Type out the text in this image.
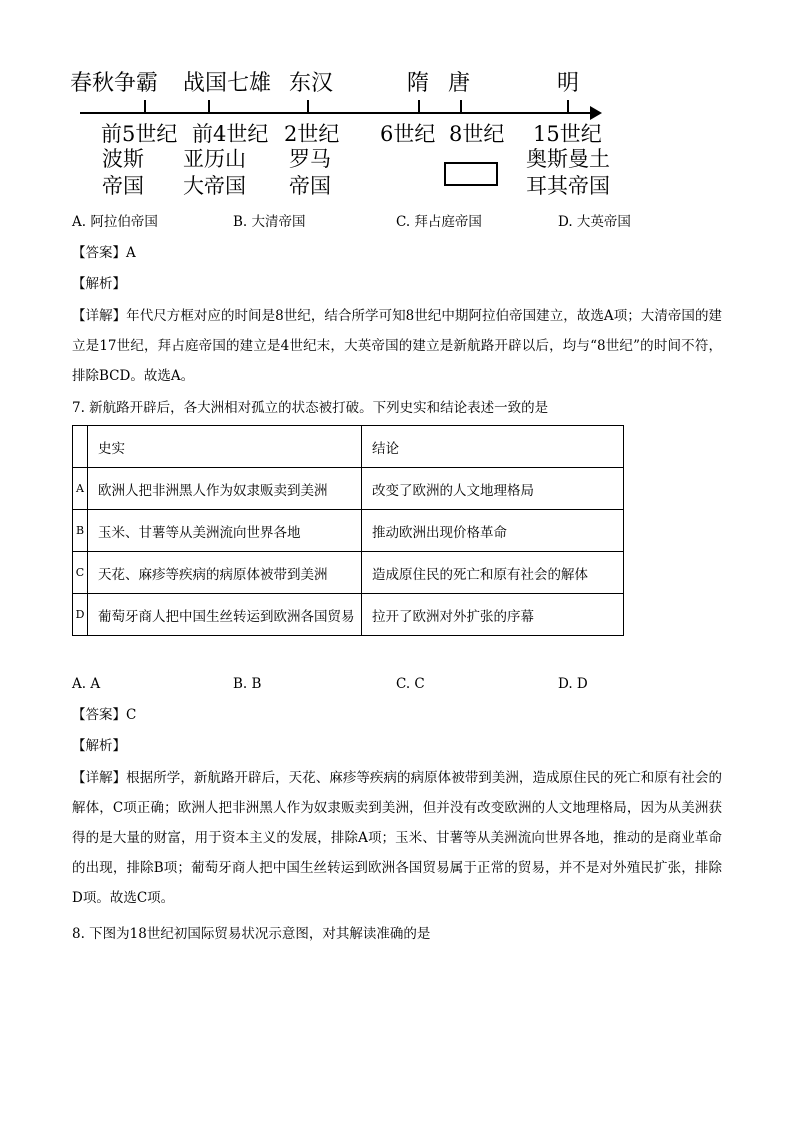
春秋争霸 战国七雄 东汉	隋 唐	明
前5世纪 前4世纪 2世纪 6世纪 8世纪 15世纪
波斯
帝国
亚历山
大帝国
罗马
帝国
奥斯曼土
耳其帝国
A. 阿拉伯帝国	B. 大清帝国	C. 拜占庭帝国	D. 大英帝国
【答案】A
【解析】
【详解】年代尺方框对应的时间是8世纪，结合所学可知8世纪中期阿拉伯帝国建立，故选A项；大清帝国的建立是17世纪，拜占庭帝国的建立是4世纪末，大英帝国的建立是新航路开辟以后，均与“8世纪”的时间不符，排除BCD。故选A。
7. 新航路开辟后，各大洲相对孤立的状态被打破。下列史实和结论表述一致的是
	史实	结论
A	欧洲人把非洲黑人作为奴隶贩卖到美洲	改变了欧洲的人文地理格局
B	玉米、甘薯等从美洲流向世界各地	推动欧洲出现价格革命
C	天花、麻疹等疾病的病原体被带到美洲	造成原住民的死亡和原有社会的解体
D	葡萄牙商人把中国生丝转运到欧洲各国贸易	拉开了欧洲对外扩张的序幕
A. A	B. B	C. C	D. D
【答案】C
【解析】
【详解】根据所学，新航路开辟后，天花、麻疹等疾病的病原体被带到美洲，造成原住民的死亡和原有社会的解体，C项正确；欧洲人把非洲黑人作为奴隶贩卖到美洲，但并没有改变欧洲的人文地理格局，因为从美洲获得的是大量的财富，用于资本主义的发展，排除A项；玉米、甘薯等从美洲流向世界各地，推动的是商业革命的出现，排除B项；葡萄牙商人把中国生丝转运到欧洲各国贸易属于正常的贸易，并不是对外殖民扩张，排除D项。故选C项。
8. 下图为18世纪初国际贸易状况示意图，对其解读准确的是
